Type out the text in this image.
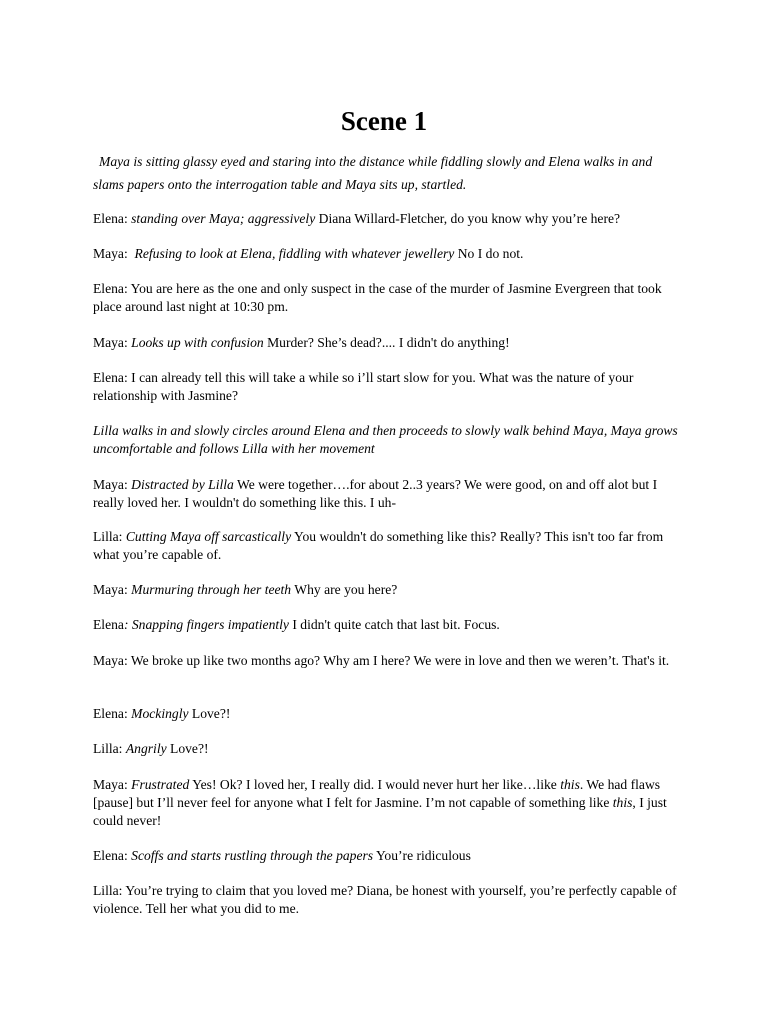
Scene 1

Maya is sitting glassy eyed and staring into the distance while fiddling slowly and Elena walks in and slams papers onto the interrogation table and Maya sits up, startled.

Elena: standing over Maya; aggressively Diana Willard-Fletcher, do you know why you’re here?

Maya: Refusing to look at Elena, fiddling with whatever jewellery No I do not.

Elena: You are here as the one and only suspect in the case of the murder of Jasmine Evergreen that took place around last night at 10:30 pm.

Maya: Looks up with confusion Murder? She’s dead?.... I didn't do anything!

Elena: I can already tell this will take a while so i’ll start slow for you. What was the nature of your relationship with Jasmine?

Lilla walks in and slowly circles around Elena and then proceeds to slowly walk behind Maya, Maya grows uncomfortable and follows Lilla with her movement

Maya: Distracted by Lilla We were together….for about 2..3 years? We were good, on and off alot but I really loved her. I wouldn't do something like this. I uh-

Lilla: Cutting Maya off sarcastically You wouldn't do something like this? Really? This isn't too far from what you’re capable of.

Maya: Murmuring through her teeth Why are you here?

Elena: Snapping fingers impatiently I didn't quite catch that last bit. Focus.

Maya: We broke up like two months ago? Why am I here? We were in love and then we weren’t. That's it.

Elena: Mockingly Love?!

Lilla: Angrily Love?!

Maya: Frustrated Yes! Ok? I loved her, I really did. I would never hurt her like…like this. We had flaws [pause] but I’ll never feel for anyone what I felt for Jasmine. I’m not capable of something like this, I just could never!

Elena: Scoffs and starts rustling through the papers You’re ridiculous

Lilla: You’re trying to claim that you loved me? Diana, be honest with yourself, you’re perfectly capable of violence. Tell her what you did to me.
